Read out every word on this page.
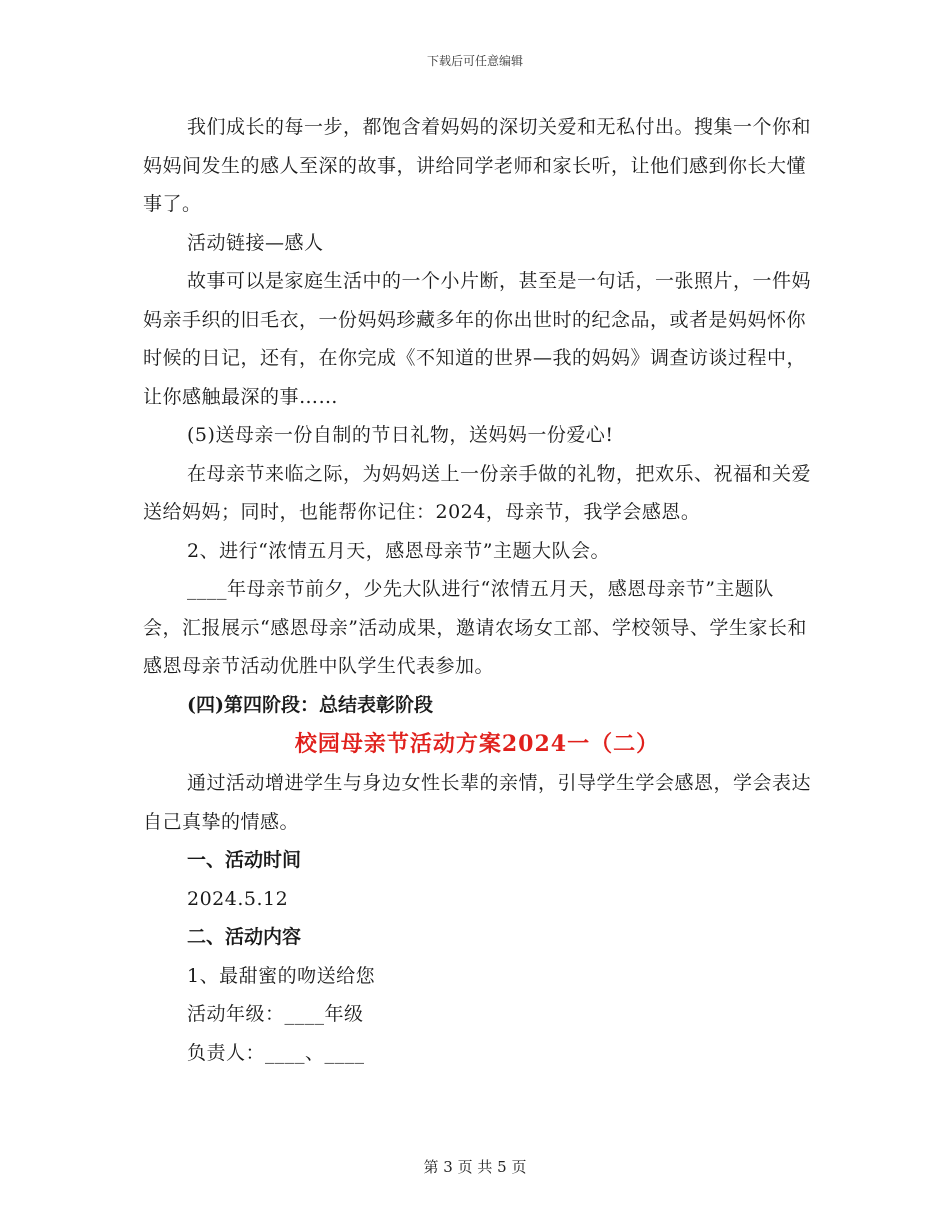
下载后可任意编辑

我们成长的每一步，都饱含着妈妈的深切关爱和无私付出。搜集一个你和妈妈间发生的感人至深的故事，讲给同学老师和家长听，让他们感到你长大懂事了。

活动链接—感人

故事可以是家庭生活中的一个小片断，甚至是一句话，一张照片，一件妈妈亲手织的旧毛衣，一份妈妈珍藏多年的你出世时的纪念品，或者是妈妈怀你时候的日记，还有，在你完成《不知道的世界—我的妈妈》调查访谈过程中，让你感触最深的事……

(5)送母亲一份自制的节日礼物，送妈妈一份爱心!

在母亲节来临之际，为妈妈送上一份亲手做的礼物，把欢乐、祝福和关爱送给妈妈；同时，也能帮你记住：2024，母亲节，我学会感恩。

2、进行“浓情五月天，感恩母亲节”主题大队会。

____年母亲节前夕，少先大队进行“浓情五月天，感恩母亲节”主题队会，汇报展示“感恩母亲”活动成果，邀请农场女工部、学校领导、学生家长和感恩母亲节活动优胜中队学生代表参加。

(四)第四阶段：总结表彰阶段

校园母亲节活动方案2024一（二）

通过活动增进学生与身边女性长辈的亲情，引导学生学会感恩，学会表达自己真挚的情感。

一、活动时间

2024.5.12

二、活动内容

1、最甜蜜的吻送给您

活动年级：____年级

负责人：____、____

第 3 页 共 5 页
